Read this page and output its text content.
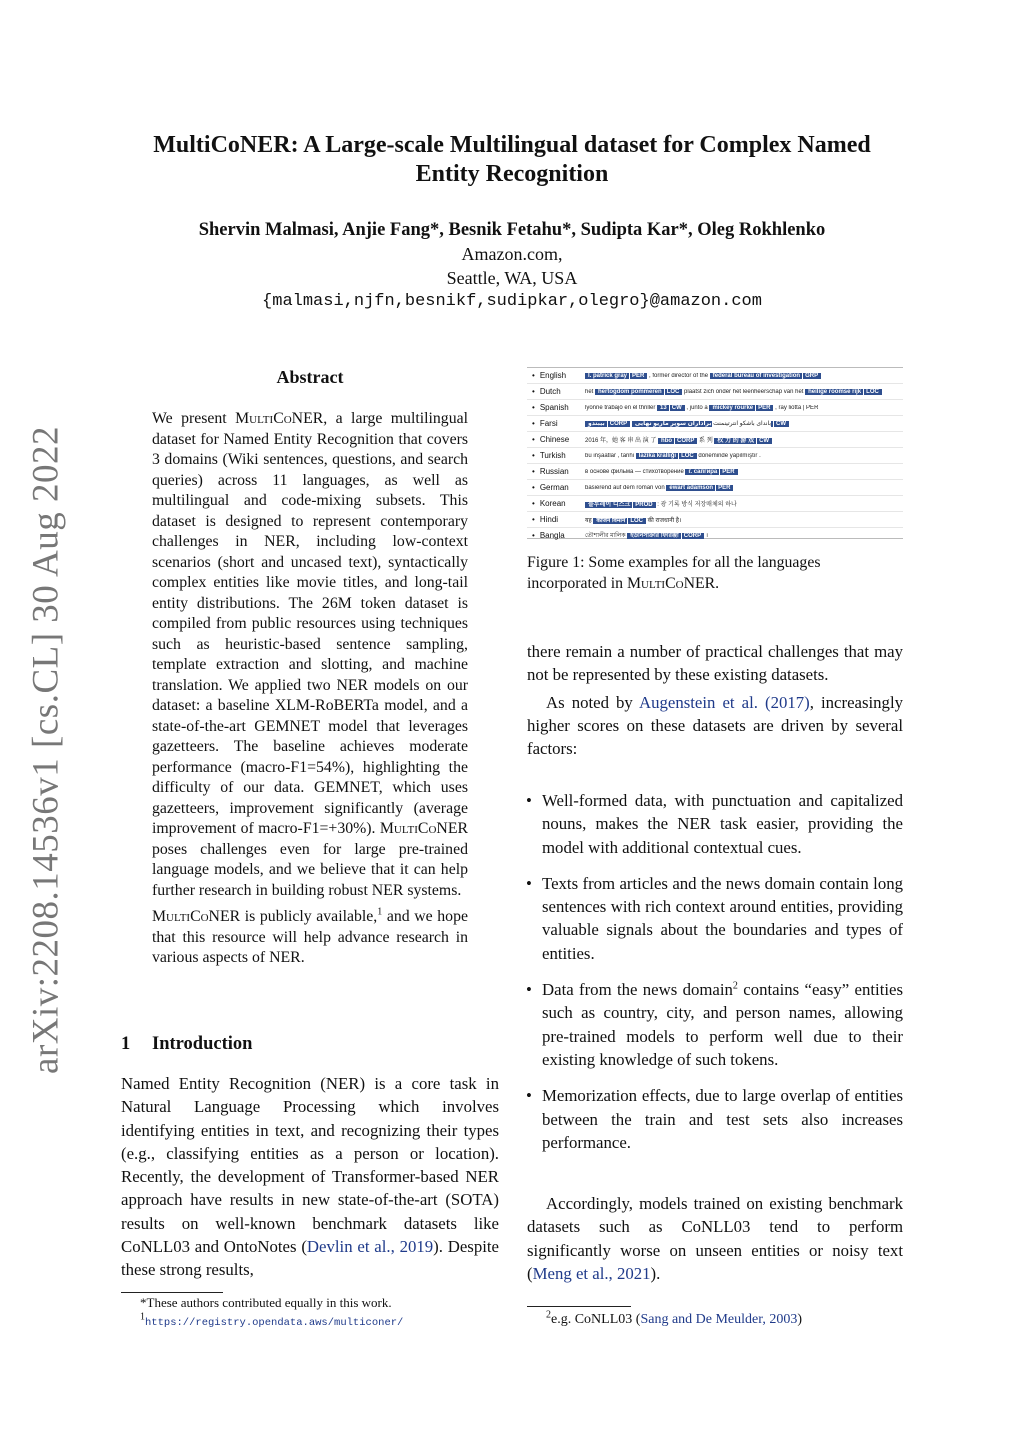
arXiv:2208.14536v1 [cs.CL] 30 Aug 2022
MultiCoNER: A Large-scale Multilingual dataset for Complex Named Entity Recognition
Shervin Malmasi, Anjie Fang*, Besnik Fetahu*, Sudipta Kar*, Oleg Rokhlenko
Amazon.com,
Seattle, WA, USA
{malmasi,njfn,besnikf,sudipkar,olegro}@amazon.com
Abstract

We present MultiCoNER, a large multilingual dataset for Named Entity Recognition that covers 3 domains (Wiki sentences, questions, and search queries) across 11 languages, as well as multilingual and code-mixing subsets. This dataset is designed to represent contemporary challenges in NER, including low-context scenarios (short and uncased text), syntactically complex entities like movie titles, and long-tail entity distributions. The 26M token dataset is compiled from public resources using techniques such as heuristic-based sentence sampling, template extraction and slotting, and machine translation. We applied two NER models on our dataset: a baseline XLM-RoBERTa model, and a state-of-the-art GEMNET model that leverages gazetteers. The baseline achieves moderate performance (macro-F1=54%), highlighting the difficulty of our data. GEMNET, which uses gazetteers, improvement significantly (average improvement of macro-F1=+30%). MultiCoNER poses challenges even for large pre-trained language models, and we believe that it can help further research in building robust NER systems.

MultiCoNER is publicly available,$^1$ and we hope that this resource will help advance research in various aspects of NER.

1 Introduction
Named Entity Recognition (NER) is a core task in Natural Language Processing which involves identifying entities in text, and recognizing their types (e.g., classifying entities as a person or location). Recently, the development of Transformer-based NER approach have results in new state-of-the-art (SOTA) results on well-known benchmark datasets like CoNLL03 and OntoNotes (Devlin et al., 2019). Despite these strong results,
*These authors contributed equally in this work.
$^1$https://registry.opendata.aws/multiconer/
• English	l. patrick gray PER , former director of the federal bureau of investigation GRP
• Dutch	het hertogdom pommeren LOC plaatst zich onder het leenheerschap van het heilige roomse rijk LOC
• Spanish	lyonne trabajó en el thriller 13 CW , junto a mickey rourke PER , ray liotta | PER
• Farsi	بیبندو CORP	باندای باشکو انترتینمنت براداران سوپر ماریو نهایی	CW
• Chinese	2016 年，她 客 串 出 演 了 hbo CORP 系 列 权 力 的 游 戏 CW
• Turkish	bu inşaatlar , tarihi lazika krallığı LOC döneminde yapılmıştır .
• Russian	в основе фильма — стихотворение г. сапгира PER
• German	basierend auf dem roman von ewart adamson PER
• Korean	블루레이 디스크 PROD : 광 기록 방식 저장매체의 하나
• Hindi	यह कोजेन विमान LOC की राजधानी है।
• Bangla	তৌশালীর মালিক ইউনিসাক্রার ফিরিঞ্জা CORP ।
Figure 1: Some examples for all the languages incorporated in MultiCoNER.

there remain a number of practical challenges that may not be represented by these existing datasets.

As noted by Augenstein et al. (2017), increasingly higher scores on these datasets are driven by several factors:

• Well-formed data, with punctuation and capitalized nouns, makes the NER task easier, providing the model with additional contextual cues.
• Texts from articles and the news domain contain long sentences with rich context around entities, providing valuable signals about the boundaries and types of entities.
• Data from the news domain$^2$ contains “easy” entities such as country, city, and person names, allowing pre-trained models to perform well due to their existing knowledge of such tokens.
• Memorization effects, due to large overlap of entities between the train and test sets also increases performance.
Accordingly, models trained on existing benchmark datasets such as CoNLL03 tend to perform significantly worse on unseen entities or noisy text (Meng et al., 2021).
$^2$e.g. CoNLL03 (Sang and De Meulder, 2003)
